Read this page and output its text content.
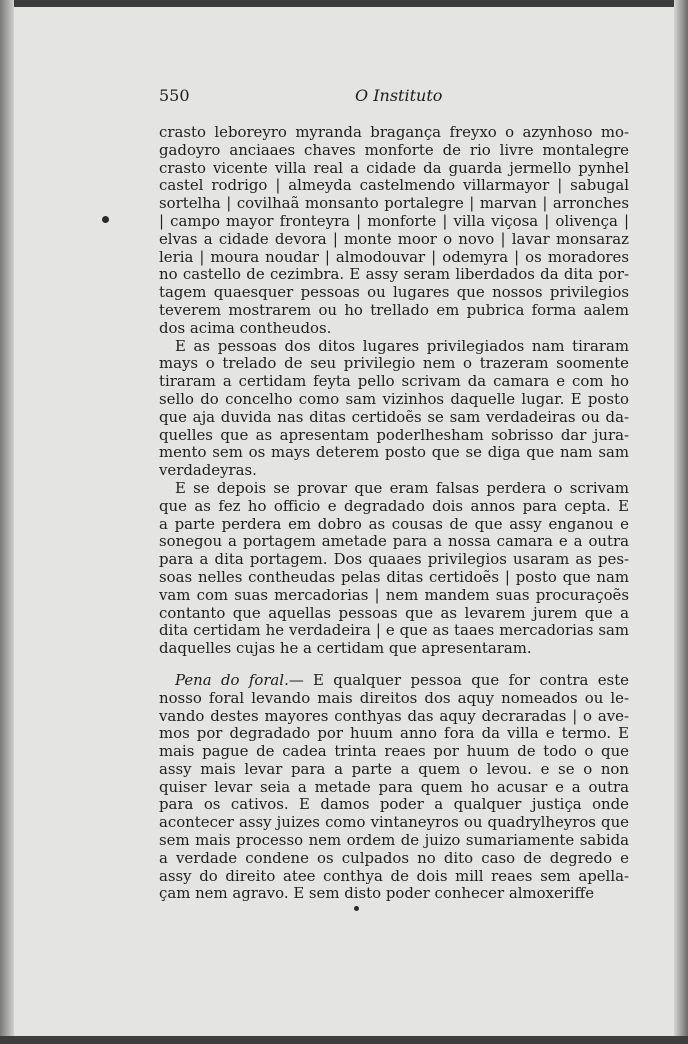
550	O Instituto
crasto leboreyro myranda bragança freyxo o azynhoso mo-
gadoyro anciaaes chaves monforte de rio livre montalegre
crasto vicente villa real a cidade da guarda jermello pynhel
castel rodrigo | almeyda castelmendo villarmayor | sabugal
sortelha | covilhaã monsanto portalegre | marvan | arronches
| campo mayor fronteyra | monforte | villa viçosa | olivença |
elvas a cidade devora | monte moor o novo | lavar monsaraz
leria | moura noudar | almodouvar | odemyra | os moradores
no castello de cezimbra. E assy seram liberdados da dita por-
tagem quaesquer pessoas ou lugares que nossos privilegios
teverem mostrarem ou ho trellado em pubrica forma aalem
dos acima contheudos.
E as pessoas dos ditos lugares privilegiados nam tiraram
mays o trelado de seu privilegio nem o trazeram soomente
tiraram a certidam feyta pello scrivam da camara e com ho
sello do concelho como sam vizinhos daquelle lugar. E posto
que aja duvida nas ditas certidoẽs se sam verdadeiras ou da-
quelles que as apresentam poderlhesham sobrisso dar jura-
mento sem os mays deterem posto que se diga que nam sam
verdadeyras.
E se depois se provar que eram falsas perdera o scrivam
que as fez ho officio e degradado dois annos para cepta. E
a parte perdera em dobro as cousas de que assy enganou e
sonegou a portagem ametade para a nossa camara e a outra
para a dita portagem. Dos quaaes privilegios usaram as pes-
soas nelles contheudas pelas ditas certidoẽs | posto que nam
vam com suas mercadorias | nem mandem suas procuraçoẽs
contanto que aquellas pessoas que as levarem jurem que a
dita certidam he verdadeira | e que as taaes mercadorias sam
daquelles cujas he a certidam que apresentaram.
Pena do foral.— E qualquer pessoa que for contra este
nosso foral levando mais direitos dos aquy nomeados ou le-
vando destes mayores conthyas das aquy decraradas | o ave-
mos por degradado por huum anno fora da villa e termo. E
mais pague de cadea trinta reaes por huum de todo o que
assy mais levar para a parte a quem o levou. e se o non
quiser levar seia a metade para quem ho acusar e a outra
para os cativos. E damos poder a qualquer justiça onde
acontecer assy juizes como vintaneyros ou quadrylheyros que
sem mais processo nem ordem de juizo sumariamente sabida
a verdade condene os culpados no dito caso de degredo e
assy do direito atee conthya de dois mill reaes sem apella-
çam nem agravo. E sem disto poder conhecer almoxeriffe
